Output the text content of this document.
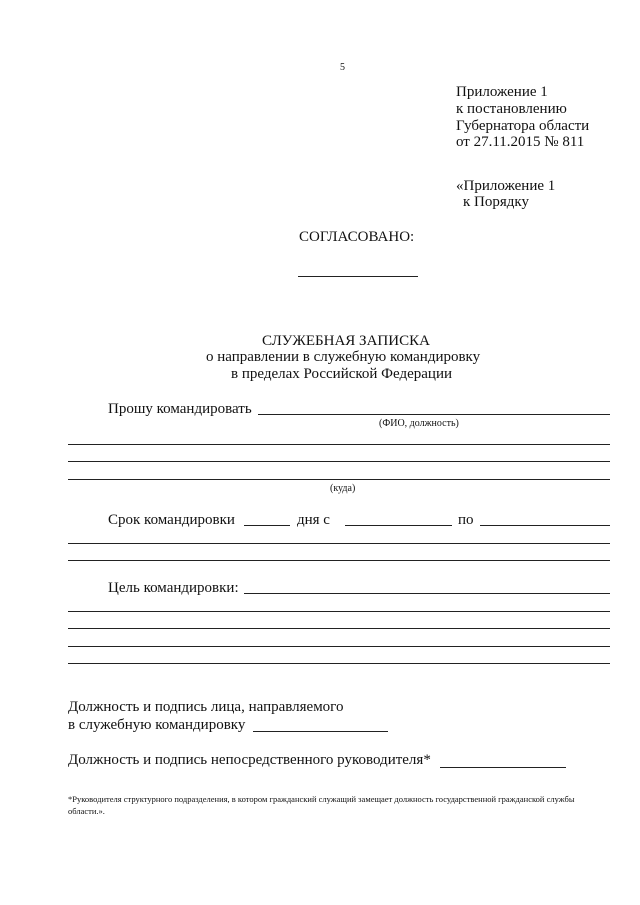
5
Приложение 1
к постановлению
Губернатора области
от 27.11.2015 № 811
«Приложение 1
к Порядку
СОГЛАСОВАНО:
СЛУЖЕБНАЯ ЗАПИСКА
о направлении в служебную командировку
в пределах Российской Федерации
Прошу командировать
(ФИО, должность)
(куда)
Срок командировки	дня с	по
Цель командировки:
Должность и подпись лица, направляемого
в служебную командировку
Должность и подпись непосредственного руководителя*
*Руководителя структурного подразделения, в котором гражданский служащий замещает должность государственной гражданской службы области.».
